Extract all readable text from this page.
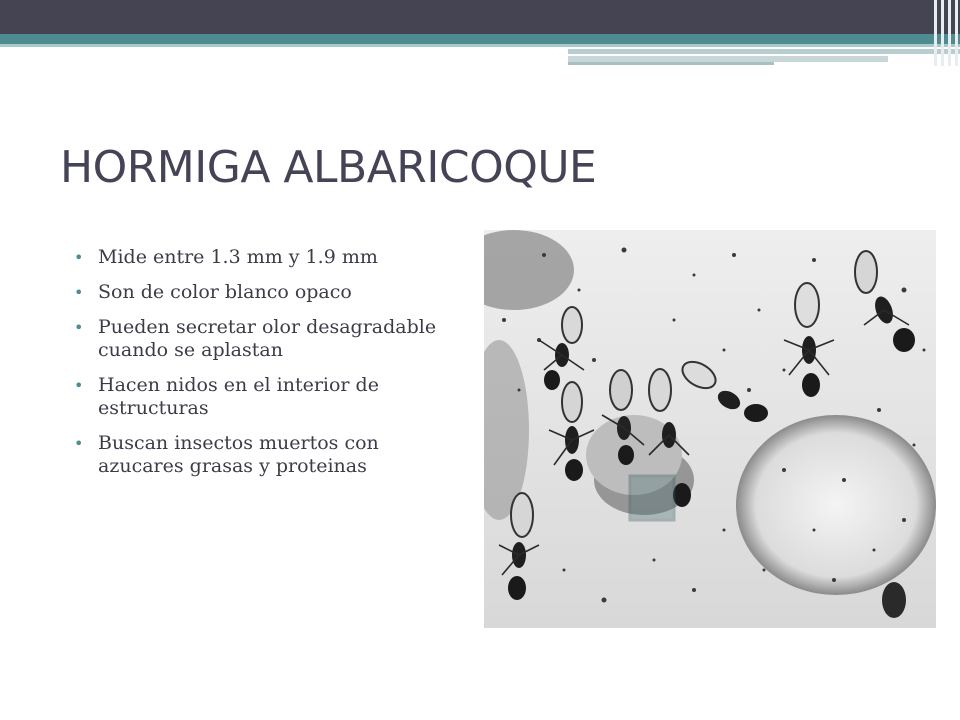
HORMIGA ALBARICOQUE
• Mide entre 1.3 mm y 1.9 mm
• Son de color blanco opaco
• Pueden secretar olor desagradable cuando se aplastan
• Hacen nidos en el interior de estructuras
• Buscan insectos muertos con azucares grasas y proteinas
